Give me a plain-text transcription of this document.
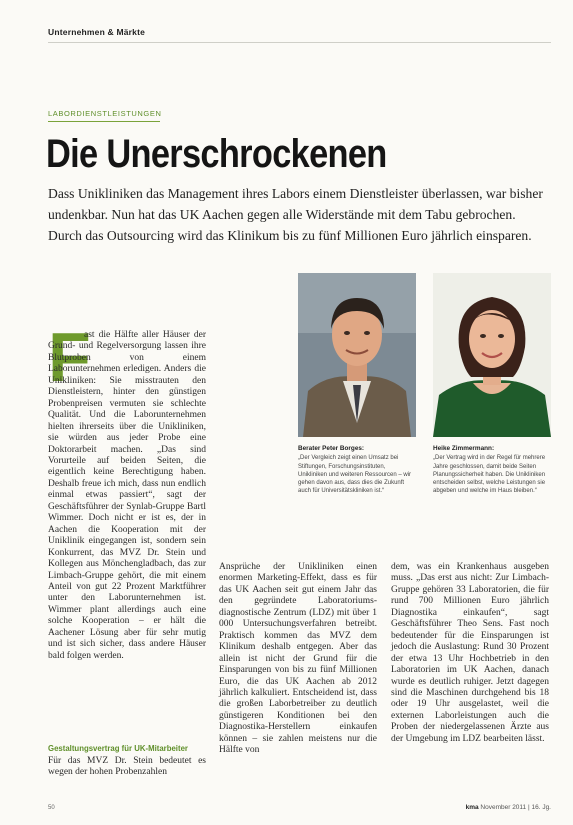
Unternehmen & Märkte
LABORDIENSTLEISTUNGEN
Die Unerschrockenen

Dass Unikliniken das Management ihres Labors einem Dienstleister überlassen, war bisher undenkbar. Nun hat das UK Aachen gegen alle Widerstände mit dem Tabu gebrochen. Durch das Outsourcing wird das Klinikum bis zu fünf Millionen Euro jährlich einsparen.

Berater Peter Borges:
„Der Vergleich zeigt einen Umsatz bei Stiftungen, Forschungsinstituten, Unikliniken und weiteren Ressourcen – wir gehen davon aus, dass dies die Zukunft auch für Universitätskliniken ist.“
Heike Zimmermann:
„Der Vertrag wird in der Regel für mehrere Jahre geschlossen, damit beide Seiten Planungssicherheit haben. Die Unikliniken entscheiden selbst, welche Leistungen sie abgeben und welche im Haus bleiben.“
F

ast die Hälfte aller Häuser der Grund- und Regelversorgung lassen ihre Blutproben von einem Laborunternehmen erledigen. Anders die Unikliniken: Sie misstrauten den Dienstleistern, hinter den günstigen Probenpreisen vermuten sie schlechte Qualität. Und die Laborunternehmen hielten ihrerseits über die Unikliniken, sie würden aus jeder Probe eine Doktorarbeit machen. „Das sind Vorurteile auf beiden Seiten, die eigentlich keine Berechtigung haben. Deshalb freue ich mich, dass nun endlich einmal etwas passiert“, sagt der Geschäftsführer der Synlab-Gruppe Bartl Wimmer. Doch nicht er ist es, der in Aachen die Kooperation mit der Uniklinik eingegangen ist, sondern sein Konkurrent, das MVZ Dr. Stein und Kollegen aus Mönchengladbach, das zur Limbach-Gruppe gehört, die mit einem Anteil von gut 22 Prozent Marktführer unter den Laborunternehmen ist. Wimmer plant allerdings auch eine solche Kooperation – er hält die Aachener Lösung aber für sehr mutig und ist sich sicher, dass andere Häuser bald folgen werden.

Gestaltungsvertrag für UK-Mitarbeiter

Für das MVZ Dr. Stein bedeutet es wegen der hohen Probenzahlen

Ansprüche der Unikliniken einen enormen Marketing-Effekt, dass es für das UK Aachen seit gut einem Jahr das den gegründete Laboratoriums-diagnostische Zentrum (LDZ) mit über 1 000 Untersuchungsverfahren betreibt. Praktisch kommen das MVZ dem Klinikum deshalb entgegen. Aber das allein ist nicht der Grund für die Einsparungen von bis zu fünf Millionen Euro, die das UK Aachen ab 2012 jährlich kalkuliert. Entscheidend ist, dass die großen Laborbetreiber zu deutlich günstigeren Konditionen bei den Diagnostika-Herstellern einkaufen können – sie zahlen meistens nur die Hälfte von

dem, was ein Krankenhaus ausgeben muss. „Das erst aus nicht: Zur Limbach-Gruppe gehören 33 Laboratorien, die für rund 700 Millionen Euro jährlich Diagnostika einkaufen“, sagt Geschäftsführer Theo Sens. Fast noch bedeutender für die Einsparungen ist jedoch die Auslastung: Rund 30 Prozent der etwa 13 Uhr Hochbetrieb in den Laboratorien im UK Aachen, danach wurde es deutlich ruhiger. Jetzt dagegen sind die Maschinen durchgehend bis 18 oder 19 Uhr ausgelastet, weil die externen Laborleistungen auch die Proben der niedergelassenen Ärzte aus der Umgebung im LDZ bearbeiten lässt.

50	kma November 2011 | 16. Jg.
